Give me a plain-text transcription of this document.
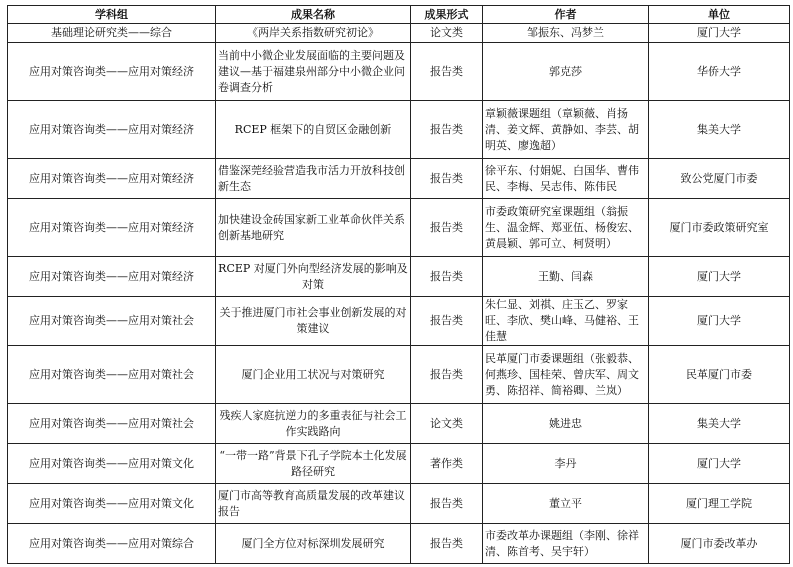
学科组	成果名称	成果形式	作者	单位
基础理论研究类——综合	《两岸关系指数研究初论》	论文类	邹振东、冯梦兰	厦门大学
应用对策咨询类——应用对策经济	当前中小微企业发展面临的主要问题及建议—基于福建泉州部分中小微企业问卷调查分析	报告类	郭克莎	华侨大学
应用对策咨询类——应用对策经济	RCEP 框架下的自贸区金融创新	报告类	章颖薇课题组（章颖薇、肖扬清、姜文辉、黄静如、李芸、胡明英、廖逸超）	集美大学
应用对策咨询类——应用对策经济	借鉴深莞经验营造我市活力开放科技创新生态	报告类	徐平东、付娟妮、白国华、曹伟民、李梅、吴志伟、陈伟民	致公党厦门市委
应用对策咨询类——应用对策经济	加快建设金砖国家新工业革命伙伴关系创新基地研究	报告类	市委政策研究室课题组（翁振生、温金辉、郑亚伍、杨俊宏、黄晨颖、郭可立、柯贤明）	厦门市委政策研究室
应用对策咨询类——应用对策经济	RCEP 对厦门外向型经济发展的影响及对策	报告类	王勤、闫森	厦门大学
应用对策咨询类——应用对策社会	关于推进厦门市社会事业创新发展的对策建议	报告类	朱仁显、刘祺、庄玉乙、罗家旺、李欣、樊山峰、马健裕、王佳慧	厦门大学
应用对策咨询类——应用对策社会	厦门企业用工状况与对策研究	报告类	民革厦门市委课题组（张毅恭、何燕珍、国桂荣、曾庆军、周文勇、陈招祥、简裕卿、兰岚）	民革厦门市委
应用对策咨询类——应用对策社会	残疾人家庭抗逆力的多重表征与社会工作实践路向	论文类	姚进忠	集美大学
应用对策咨询类——应用对策文化	“一带一路”背景下孔子学院本土化发展路径研究	著作类	李丹	厦门大学
应用对策咨询类——应用对策文化	厦门市高等教育高质量发展的改革建议报告	报告类	董立平	厦门理工学院
应用对策咨询类——应用对策综合	厦门全方位对标深圳发展研究	报告类	市委改革办课题组（李刚、徐祥清、陈首考、吴宇轩）	厦门市委改革办
